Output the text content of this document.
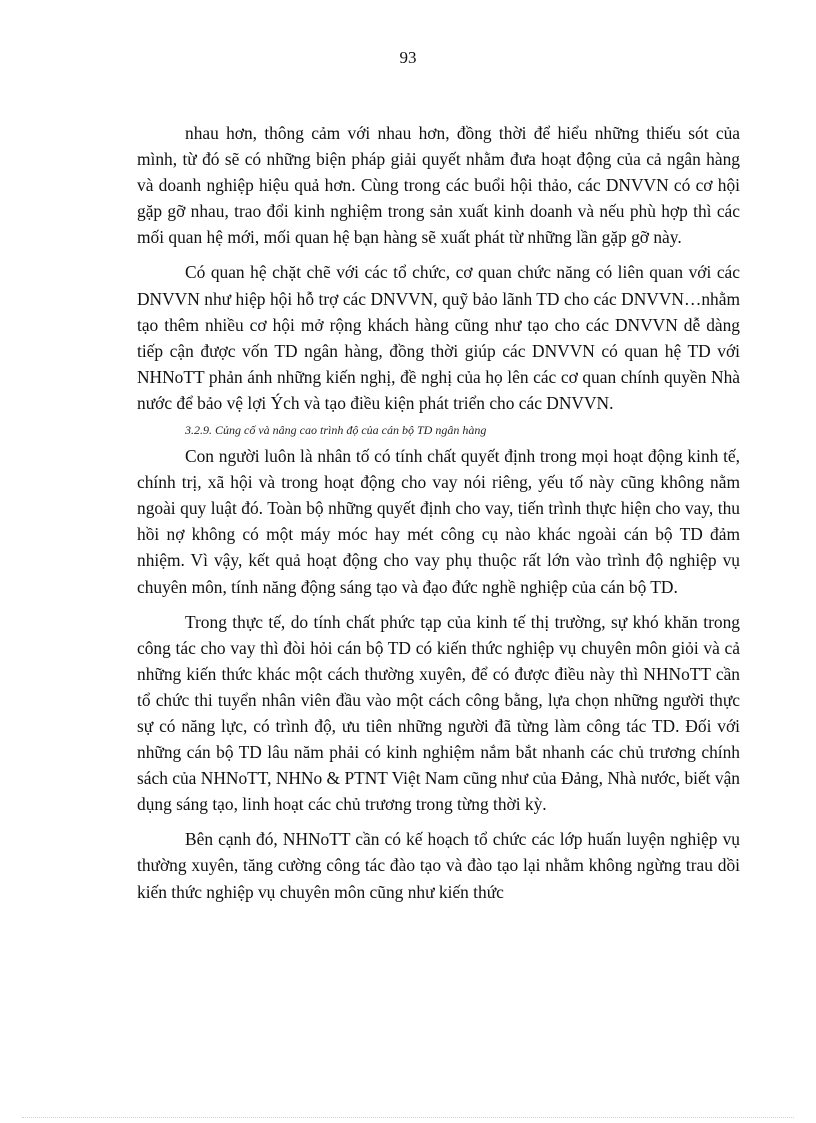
93

nhau hơn, thông cảm với nhau hơn, đồng thời để hiểu những thiếu sót của mình, từ đó sẽ có những biện pháp giải quyết nhằm đưa hoạt động của cả ngân hàng và doanh nghiệp hiệu quả hơn. Cùng trong các buổi hội thảo, các DNVVN có cơ hội gặp gỡ nhau, trao đổi kinh nghiệm trong sản xuất kinh doanh và nếu phù hợp thì các mối quan hệ mới, mối quan hệ bạn hàng sẽ xuất phát từ những lần gặp gỡ này.

Có quan hệ chặt chẽ với các tổ chức, cơ quan chức năng có liên quan với các DNVVN như hiệp hội hỗ trợ các DNVVN, quỹ bảo lãnh TD cho các DNVVN…nhằm tạo thêm nhiều cơ hội mở rộng khách hàng cũng như tạo cho các DNVVN dễ dàng tiếp cận được vốn TD ngân hàng, đồng thời giúp các DNVVN có quan hệ TD với NHNoTT phản ánh những kiến nghị, đề nghị của họ lên các cơ quan chính quyền Nhà nước để bảo vệ lợi Ých và tạo điều kiện phát triển cho các DNVVN.

3.2.9. Củng cố và nâng cao trình độ của cán bộ TD ngân hàng

Con người luôn là nhân tố có tính chất quyết định trong mọi hoạt động kinh tế, chính trị, xã hội và trong hoạt động cho vay nói riêng, yếu tố này cũng không nằm ngoài quy luật đó. Toàn bộ những quyết định cho vay, tiến trình thực hiện cho vay, thu hồi nợ không có một máy móc hay mét công cụ nào khác ngoài cán bộ TD đảm nhiệm. Vì vậy, kết quả hoạt động cho vay phụ thuộc rất lớn vào trình độ nghiệp vụ chuyên môn, tính năng động sáng tạo và đạo đức nghề nghiệp của cán bộ TD.

Trong thực tế, do tính chất phức tạp của kinh tế thị trường, sự khó khăn trong công tác cho vay thì đòi hỏi cán bộ TD có kiến thức nghiệp vụ chuyên môn giỏi và cả những kiến thức khác một cách thường xuyên, để có được điều này thì NHNoTT cần tổ chức thi tuyển nhân viên đầu vào một cách công bằng, lựa chọn những người thực sự có năng lực, có trình độ, ưu tiên những người đã từng làm công tác TD. Đối với những cán bộ TD lâu năm phải có kinh nghiệm nắm bắt nhanh các chủ trương chính sách của NHNoTT, NHNo & PTNT Việt Nam cũng như của Đảng, Nhà nước, biết vận dụng sáng tạo, linh hoạt các chủ trương trong từng thời kỳ.

Bên cạnh đó, NHNoTT cần có kế hoạch tổ chức các lớp huấn luyện nghiệp vụ thường xuyên, tăng cường công tác đào tạo và đào tạo lại nhằm không ngừng trau dồi kiến thức nghiệp vụ chuyên môn cũng như kiến thức
